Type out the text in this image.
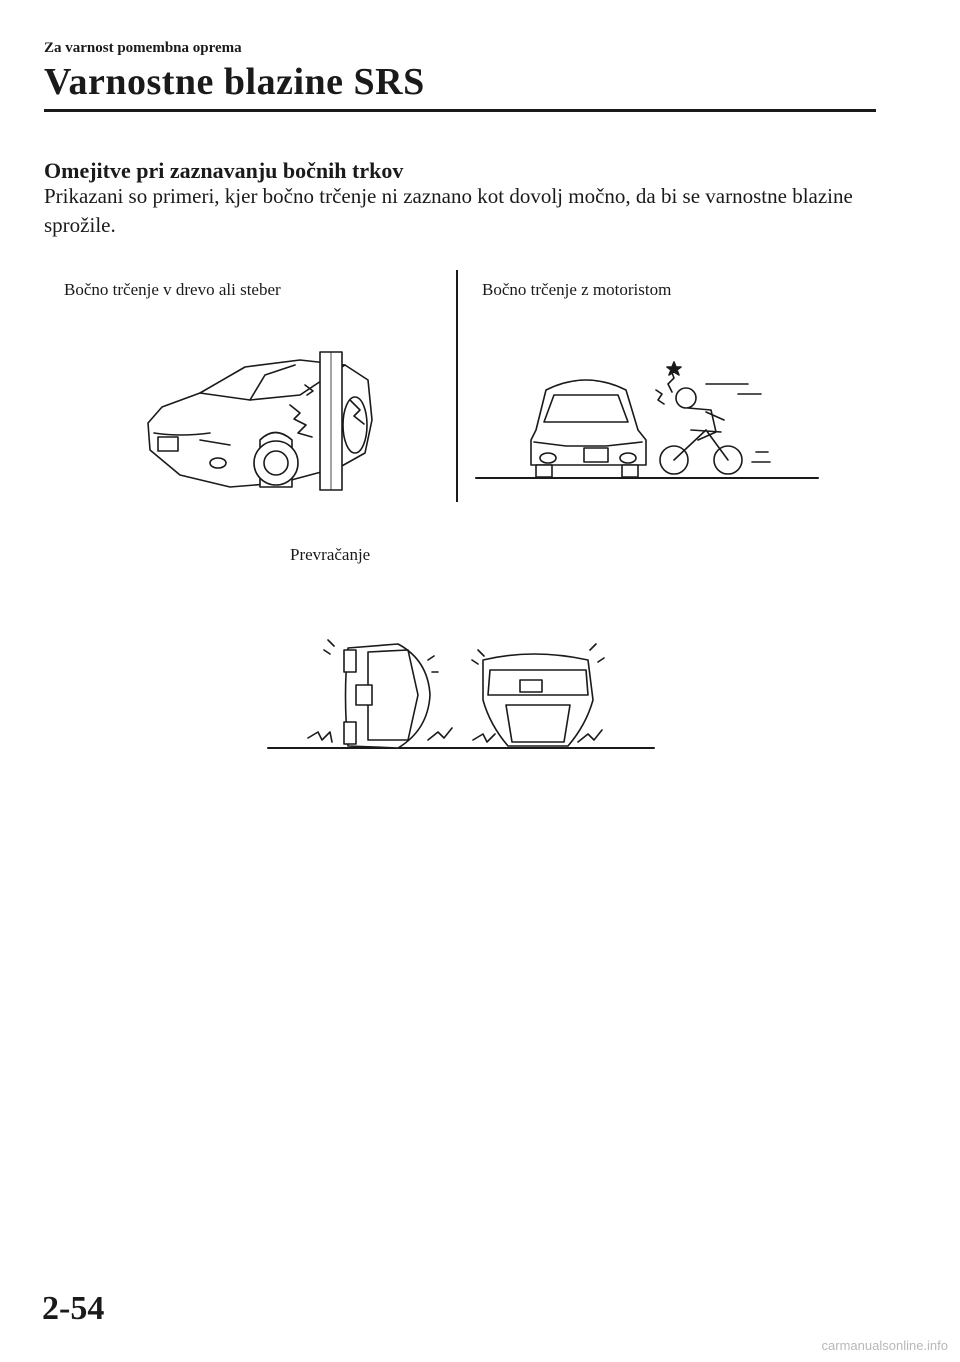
Za varnost pomembna oprema
Varnostne blazine SRS
Omejitve pri zaznavanju bočnih trkov
Prikazani so primeri, kjer bočno trčenje ni zaznano kot dovolj močno, da bi se varnostne blazine sprožile.
Bočno trčenje v drevo ali steber	Bočno trčenje z motoristom
Prevračanje
2-54
carmanualsonline.info
